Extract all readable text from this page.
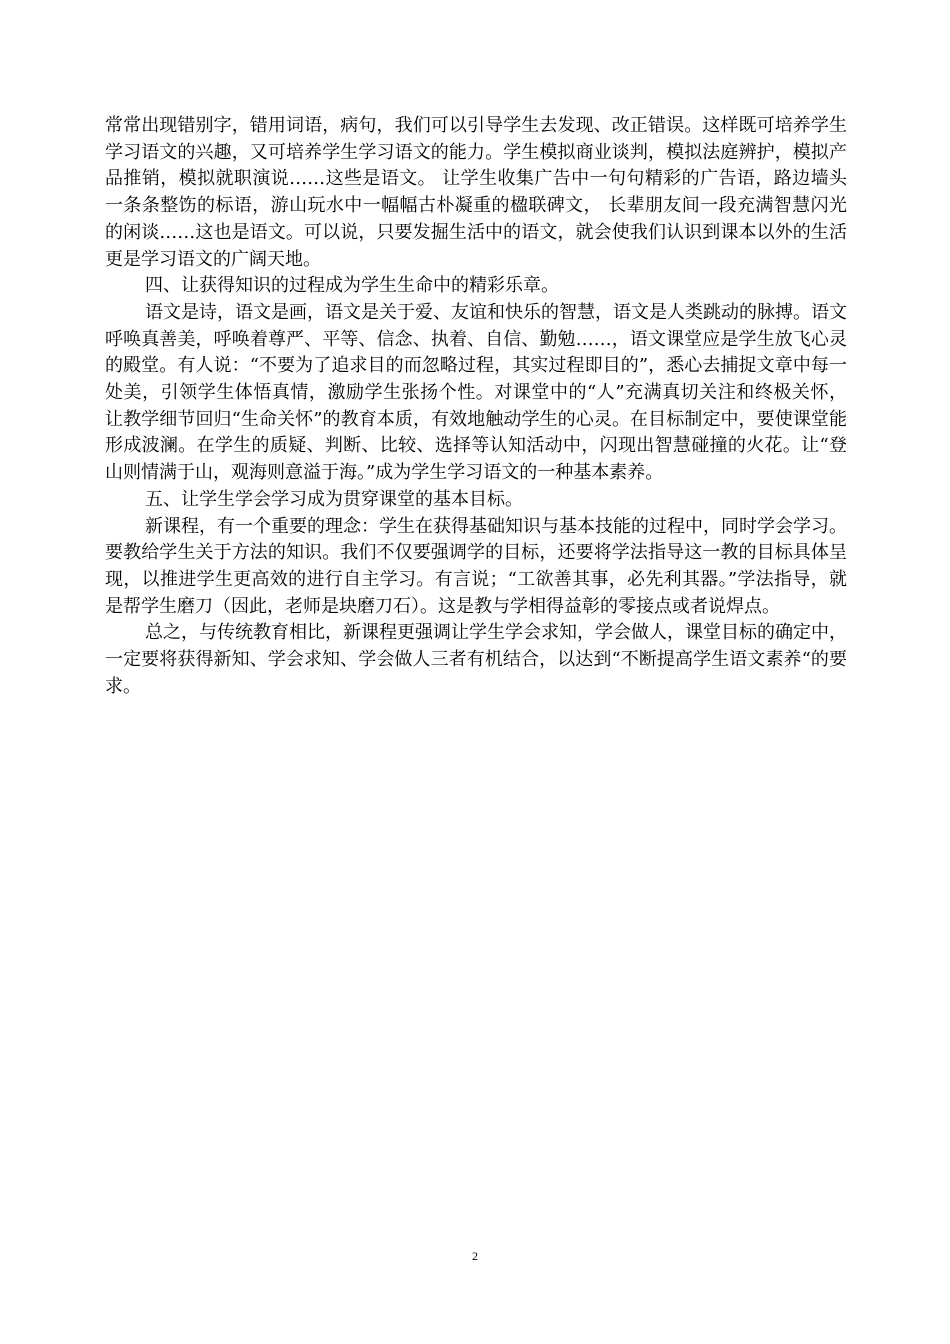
常常出现错别字，错用词语，病句，我们可以引导学生去发现、改正错误。这样既可培养学生学习语文的兴趣，又可培养学生学习语文的能力。学生模拟商业谈判，模拟法庭辨护，模拟产品推销，模拟就职演说……这些是语文。 让学生收集广告中一句句精彩的广告语，路边墙头一条条整饬的标语，游山玩水中一幅幅古朴凝重的楹联碑文， 长辈朋友间一段充满智慧闪光的闲谈……这也是语文。可以说，只要发掘生活中的语文，就会使我们认识到课本以外的生活更是学习语文的广阔天地。

四、让获得知识的过程成为学生生命中的精彩乐章。

语文是诗，语文是画，语文是关于爱、友谊和快乐的智慧，语文是人类跳动的脉搏。语文呼唤真善美，呼唤着尊严、平等、信念、执着、自信、勤勉……，语文课堂应是学生放飞心灵的殿堂。有人说：“不要为了追求目的而忽略过程，其实过程即目的”，悉心去捕捉文章中每一处美，引领学生体悟真情，激励学生张扬个性。对课堂中的“人”充满真切关注和终极关怀， 让教学细节回归“生命关怀”的教育本质，有效地触动学生的心灵。在目标制定中，要使课堂能形成波澜。在学生的质疑、判断、比较、选择等认知活动中，闪现出智慧碰撞的火花。让“登山则情满于山，观海则意溢于海。”成为学生学习语文的一种基本素养。

五、让学生学会学习成为贯穿课堂的基本目标。

新课程，有一个重要的理念：学生在获得基础知识与基本技能的过程中，同时学会学习。要教给学生关于方法的知识。我们不仅要强调学的目标，还要将学法指导这一教的目标具体呈现，以推进学生更高效的进行自主学习。有言说；“工欲善其事，必先利其器。”学法指导，就是帮学生磨刀（因此，老师是块磨刀石）。这是教与学相得益彰的零接点或者说焊点。

总之，与传统教育相比，新课程更强调让学生学会求知，学会做人，课堂目标的确定中，一定要将获得新知、学会求知、学会做人三者有机结合，以达到“不断提高学生语文素养“的要求。

2
